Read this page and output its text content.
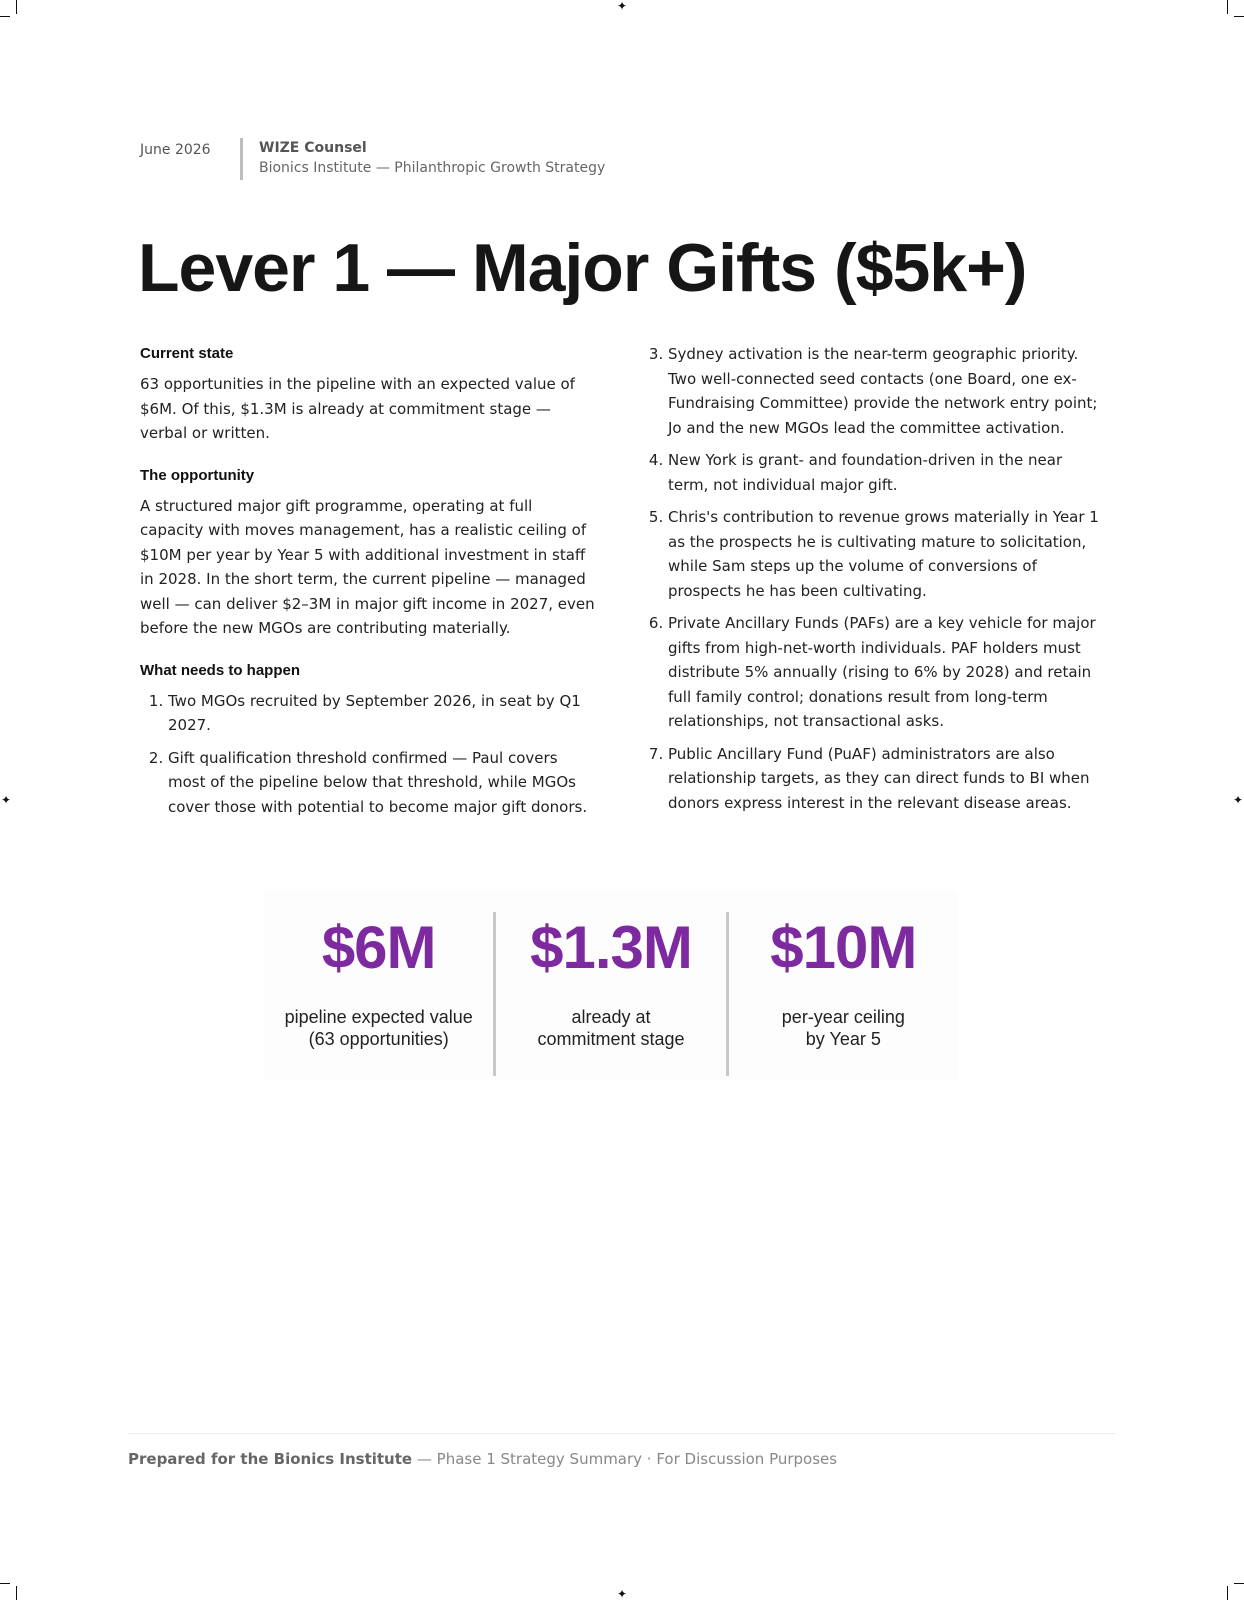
✦
✦
✦	✦
June 2026	WIZE Counsel
Bionics Institute — Philanthropic Growth Strategy
Lever 1 — Major Gifts ($5k+)
Current state

63 opportunities in the pipeline with an expected value of $6M. Of this, $1.3M is already at commitment stage — verbal or written.

The opportunity

A structured major gift programme, operating at full capacity with moves management, has a realistic ceiling of $10M per year by Year 5 with additional investment in staff in 2028. In the short term, the current pipeline — managed well — can deliver $2–3M in major gift income in 2027, even before the new MGOs are contributing materially.

What needs to happen
1. Two MGOs recruited by September 2026, in seat by Q1 2027.
2. Gift qualification threshold confirmed — Paul covers most of the pipeline below that threshold, while MGOs cover those with potential to become major gift donors.
3. Sydney activation is the near-term geographic priority. Two well-connected seed contacts (one Board, one ex-Fundraising Committee) provide the network entry point; Jo and the new MGOs lead the committee activation.
4. New York is grant- and foundation-driven in the near term, not individual major gift.
5. Chris's contribution to revenue grows materially in Year 1 as the prospects he is cultivating mature to solicitation, while Sam steps up the volume of conversions of prospects he has been cultivating.
6. Private Ancillary Funds (PAFs) are a key vehicle for major gifts from high-net-worth individuals. PAF holders must distribute 5% annually (rising to 6% by 2028) and retain full family control; donations result from long-term relationships, not transactional asks.
7. Public Ancillary Fund (PuAF) administrators are also relationship targets, as they can direct funds to BI when donors express interest in the relevant disease areas.
$6M
pipeline expected value
(63 opportunities)
$1.3M
already at
commitment stage
$10M
per-year ceiling
by Year 5
Prepared for the Bionics Institute — Phase 1 Strategy Summary · For Discussion Purposes
